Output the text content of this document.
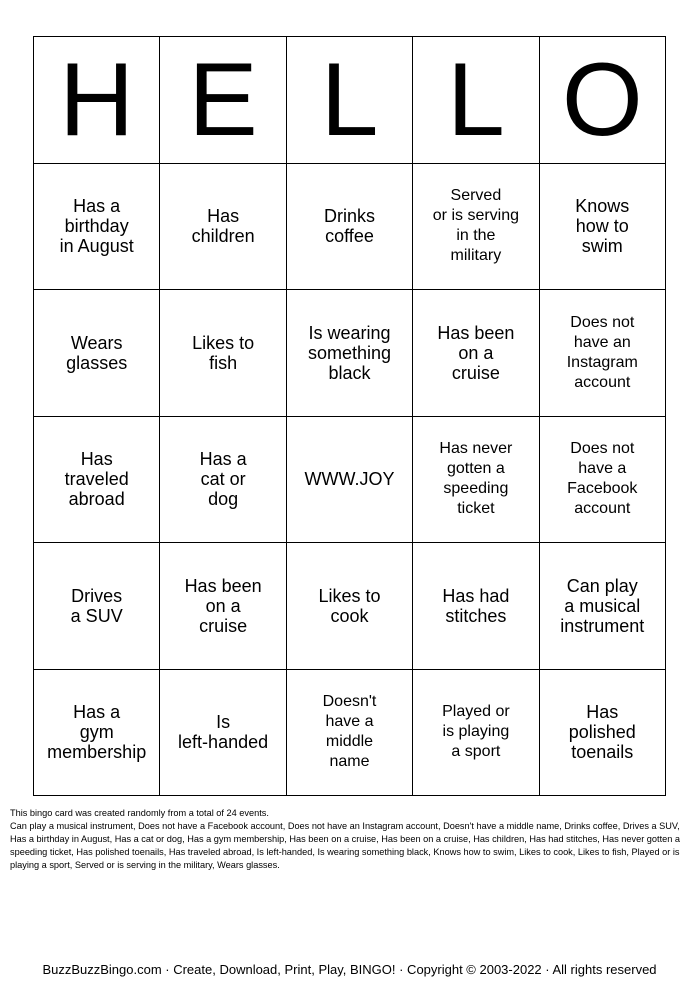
H E L L O
Has a
birthday
in August
Has
children
Drinks
coffee
Served
or is serving
in the
military
Knows
how to
swim
Wears
glasses
Likes to
fish
Is wearing
something
black
Has been
on a
cruise
Does not
have an
Instagram
account
Has
traveled
abroad
Has a
cat or
dog
WWW.JOY
Has never
gotten a
speeding
ticket
Does not
have a
Facebook
account
Drives
a SUV
Has been
on a
cruise
Likes to
cook
Has had
stitches
Can play
a musical
instrument
Has a
gym
membership
Is
left-handed
Doesn't
have a
middle
name
Played or
is playing
a sport
Has
polished
toenails

This bingo card was created randomly from a total of 24 events.

Can play a musical instrument, Does not have a Facebook account, Does not have an Instagram account, Doesn't have a middle name, Drinks coffee, Drives a SUV, Has a birthday in August, Has a cat or dog, Has a gym membership, Has been on a cruise, Has been on a cruise, Has children, Has had stitches, Has never gotten a speeding ticket, Has polished toenails, Has traveled abroad, Is left-handed, Is wearing something black, Knows how to swim, Likes to cook, Likes to fish, Played or is playing a sport, Served or is serving in the military, Wears glasses.

BuzzBuzzBingo.com · Create, Download, Print, Play, BINGO! · Copyright © 2003-2022 · All rights reserved
